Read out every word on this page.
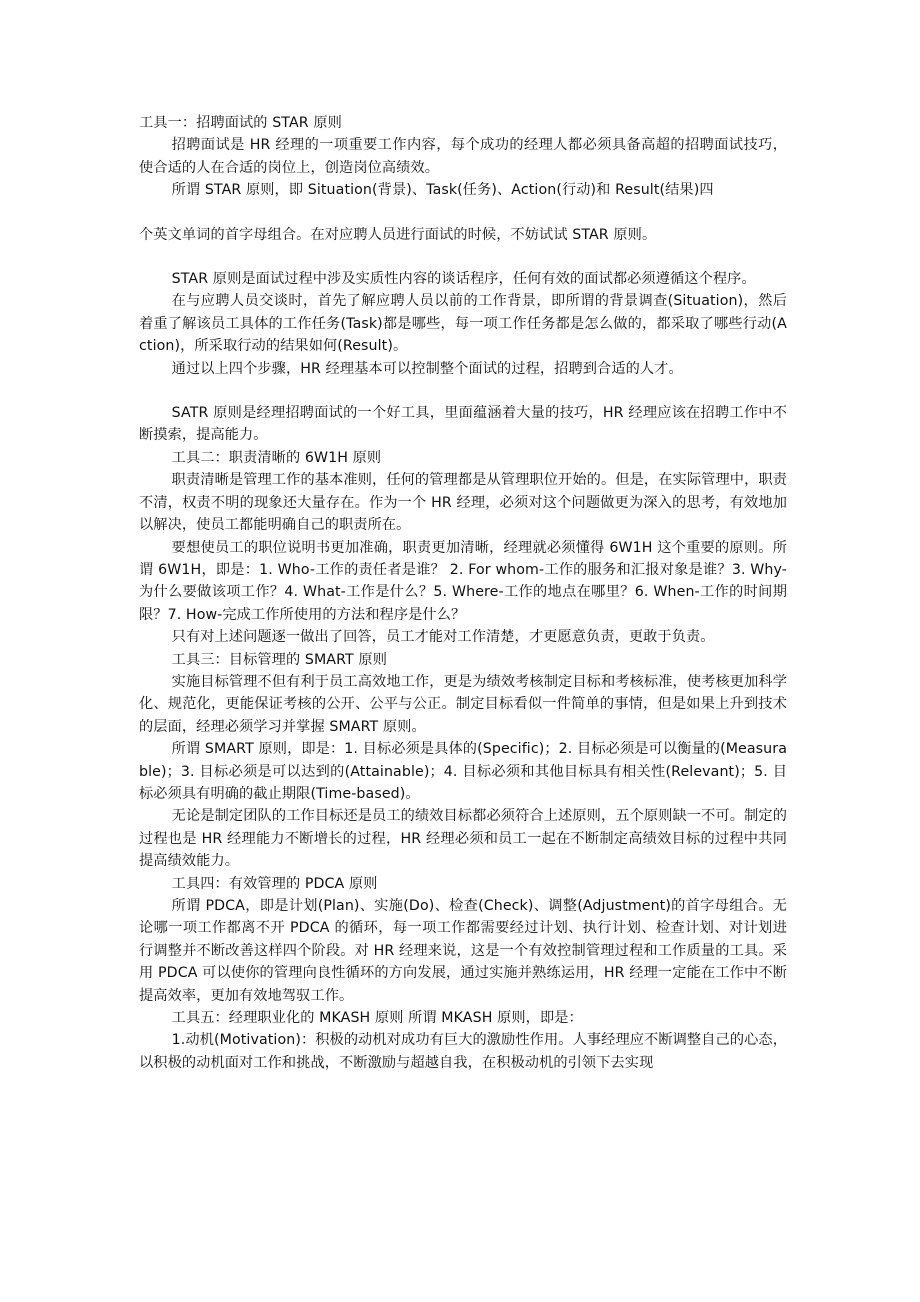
工具一：招聘面试的 STAR 原则

招聘面试是 HR 经理的一项重要工作内容，每个成功的经理人都必须具备高超的招聘面试技巧，使合适的人在合适的岗位上，创造岗位高绩效。

所谓 STAR 原则，即 Situation(背景)、Task(任务)、Action(行动)和 Result(结果)四

个英文单词的首字母组合。在对应聘人员进行面试的时候，不妨试试 STAR 原则。

STAR 原则是面试过程中涉及实质性内容的谈话程序，任何有效的面试都必须遵循这个程序。

在与应聘人员交谈时，首先了解应聘人员以前的工作背景，即所谓的背景调查(Situation)，然后着重了解该员工具体的工作任务(Task)都是哪些，每一项工作任务都是怎么做的，都采取了哪些行动(Action)，所采取行动的结果如何(Result)。

通过以上四个步骤，HR 经理基本可以控制整个面试的过程，招聘到合适的人才。

SATR 原则是经理招聘面试的一个好工具，里面蕴涵着大量的技巧，HR 经理应该在招聘工作中不断摸索，提高能力。

工具二：职责清晰的 6W1H 原则

职责清晰是管理工作的基本准则，任何的管理都是从管理职位开始的。但是，在实际管理中，职责不清，权责不明的现象还大量存在。作为一个 HR 经理，必须对这个问题做更为深入的思考，有效地加以解决，使员工都能明确自己的职责所在。

要想使员工的职位说明书更加准确，职责更加清晰，经理就必须懂得 6W1H 这个重要的原则。所谓 6W1H，即是：1. Who-工作的责任者是谁？ 2. For whom-工作的服务和汇报对象是谁？3. Why-为什么要做该项工作？4. What-工作是什么？5. Where-工作的地点在哪里？6. When-工作的时间期限？7. How-完成工作所使用的方法和程序是什么？

只有对上述问题逐一做出了回答，员工才能对工作清楚，才更愿意负责，更敢于负责。

工具三：目标管理的 SMART 原则

实施目标管理不但有利于员工高效地工作，更是为绩效考核制定目标和考核标准，使考核更加科学化、规范化，更能保证考核的公开、公平与公正。制定目标看似一件简单的事情，但是如果上升到技术的层面，经理必须学习并掌握 SMART 原则。

所谓 SMART 原则，即是：1. 目标必须是具体的(Specific)；2. 目标必须是可以衡量的(Measurable)；3. 目标必须是可以达到的(Attainable)；4. 目标必须和其他目标具有相关性(Relevant)；5. 目标必须具有明确的截止期限(Time-based)。

无论是制定团队的工作目标还是员工的绩效目标都必须符合上述原则，五个原则缺一不可。制定的过程也是 HR 经理能力不断增长的过程，HR 经理必须和员工一起在不断制定高绩效目标的过程中共同提高绩效能力。

工具四：有效管理的 PDCA 原则

所谓 PDCA，即是计划(Plan)、实施(Do)、检查(Check)、调整(Adjustment)的首字母组合。无论哪一项工作都离不开 PDCA 的循环，每一项工作都需要经过计划、执行计划、检查计划、对计划进行调整并不断改善这样四个阶段。对 HR 经理来说，这是一个有效控制管理过程和工作质量的工具。采用 PDCA 可以使你的管理向良性循环的方向发展，通过实施并熟练运用，HR 经理一定能在工作中不断提高效率，更加有效地驾驭工作。

工具五：经理职业化的 MKASH 原则 所谓 MKASH 原则，即是：

1.动机(Motivation)：积极的动机对成功有巨大的激励性作用。人事经理应不断调整自己的心态，以积极的动机面对工作和挑战，不断激励与超越自我，在积极动机的引领下去实现
